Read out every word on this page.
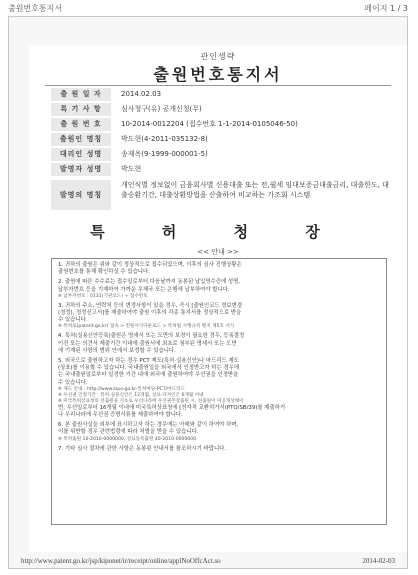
출원번호통지서	페이지 1 / 3
관인생략
출원번호통지서
출 원 일 자	2014.02.03
특 기 사 항	심사청구(유) 공개신청(무)
출 원 번 호	10-2014-0012204 (접수번호 1-1-2014-0105046-50)
출원인 명칭	박도현(4-2011-035132-8)
대리인 성명	송재옥(9-1999-000001-5)
발명자 성명	박도현
발명의 명칭
개인식별 정보없이 금융회사별 신용대출 또는 전,월세 임대보증금대출금리, 대출한도, 대출승환기간, 대출상환방법을 산출하여 비교하는 가조회 시스템
특 허 청 장
<< 안내 >>
1. 귀하의 출원은 위와 같이 정상적으로 접수되었으며, 이후의 심사 진행상황은
출원번호를 통해 확인하실 수 있습니다.
2. 출원에 따른 수수료는 접수일로부터 다음날까지 동봉된 납입영수증에 성명,
납부자번호 등을 기재하여 가까운 우체국 또는 은행에 납부하여야 합니다.
※ 납부자번호 : 0131(기관코드) + 접수번호
3. 귀하의 주소, 연락처 등의 변경사항이 있을 경우, 즉시 [출원인코드 정보변경
(경정), 정정신고서]를 제출하여야 출원 이후의 각종 통지서를 정상적으로 받을
수 있습니다.
※ 특허로(patent.go.kr) 접속 > 민원서식다운로드 > 특허법 시행규칙 별지 제5호 서식
4. 특허(실용신안등록)출원은 명세서 또는 도면의 보정이 필요한 경우, 등록결정
이전 또는 의견서 제출기간 이내에 출원서에 최초로 첨부된 명세서 또는 도면
에 기재된 사항의 범위 안에서 보정할 수 있습니다.
5. 외국으로 출원하고자 하는 경우 PCT 제도(특허·실용신안)나 마드리드 제도
(상표)를 이용할 수 있습니다. 국내출원일을 외국에서 인정받고자 하는 경우에
는 국내출원일로부터 일정한 기간 내에 외국에 출원하여야 우선권을 인정받을
수 있습니다.
※ 제도 안내 : http://www.kipo.go.kr-특허마당-PCT/마드리드
※ 우선권 인정기간 : 특허·실용신안은 12개월, 상표·디자인은 6개월 이내
※ 미국특허상표청의 선출원을 기초로 우리나라에 우선권주장출원 시, 선출원이 미공개상태이
면, 우선일로부터 16개월 이내에 미국특허상표청에 [전자적 교환허가서(PTO/SB/39)를 제출하거
나 우리나라에 우선권 증명서류를 제출하여야 합니다.
6. 본 출원사실을 외부에 표시하고자 하는 경우에는 아래와 같이 하여야 하며,
이를 위반할 경우 관련법령에 따라 처벌을 받을 수 있습니다.
※ 특허출원 10-2010-0000000, 상표등록출원 40-2010-0000000
7. 기타 심사 절차에 관한 사항은 동봉된 안내서를 참조하시기 바랍니다.
http://www.patent.go.kr/jsp/kiponet/ir/receipt/online/applNoOffcAct.so	2014-02-03
